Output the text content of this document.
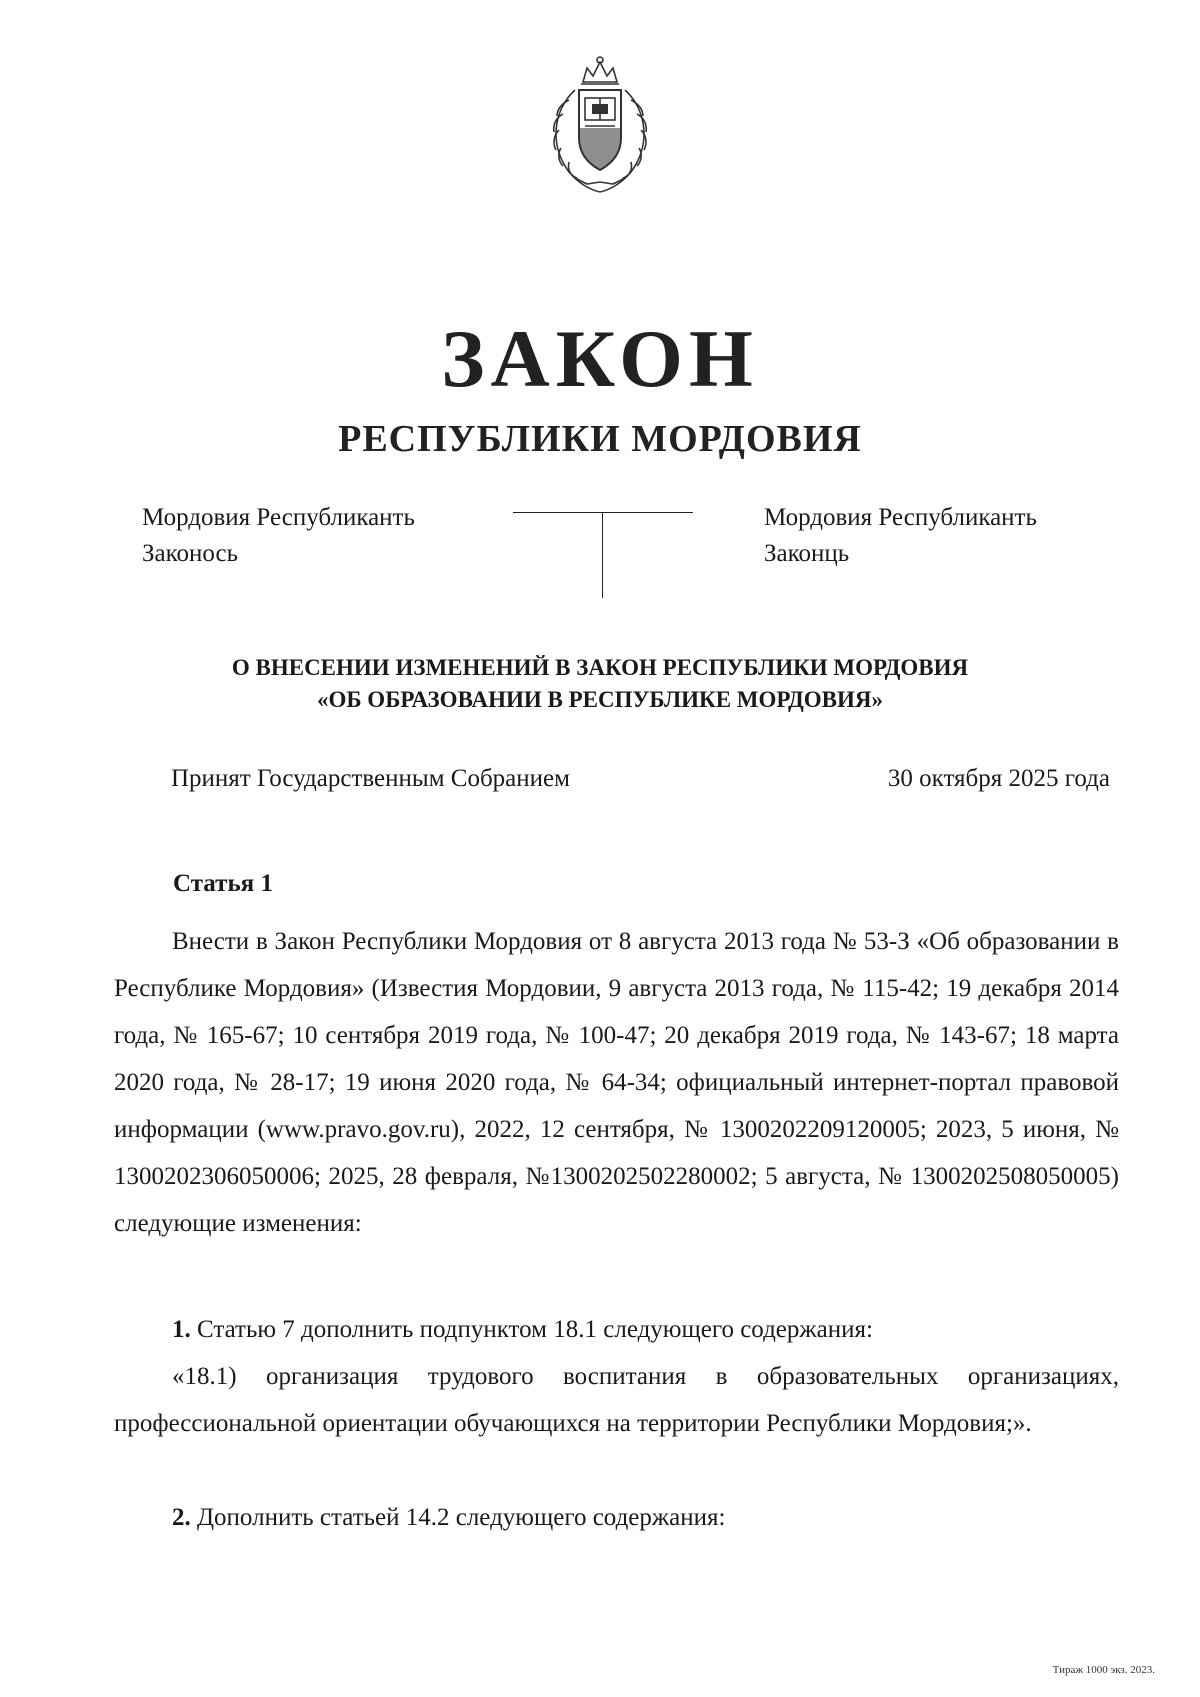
ЗАКОН
РЕСПУБЛИКИ МОРДОВИЯ
Мордовия Республиканть
Законось
Мордовия Республиканть
Законць
О ВНЕСЕНИИ ИЗМЕНЕНИЙ В ЗАКОН РЕСПУБЛИКИ МОРДОВИЯ
«ОБ ОБРАЗОВАНИИ В РЕСПУБЛИКЕ МОРДОВИЯ»
Принят Государственным Собранием	30 октября 2025 года
Статья 1

Внести в Закон Республики Мордовия от 8 августа 2013 года № 53-З «Об образовании в Республике Мордовия» (Известия Мордовии, 9 августа 2013 года, № 115-42; 19 декабря 2014 года, № 165-67; 10 сентября 2019 года, № 100-47; 20 декабря 2019 года, № 143-67; 18 марта 2020 года, № 28-17; 19 июня 2020 года, № 64-34; официальный интернет-портал правовой информации (www.pravo.gov.ru), 2022, 12 сентября, № 1300202209120005; 2023, 5 июня, № 1300202306050006; 2025, 28 февраля, №1300202502280002; 5 августа, № 1300202508050005) следующие изменения:

1. Статью 7 дополнить подпунктом 18.1 следующего содержания:

«18.1) организация трудового воспитания в образовательных организациях, профессиональной ориентации обучающихся на территории Республики Мордовия;».

2. Дополнить статьей 14.2 следующего содержания:

Тираж 1000 экз. 2023.
